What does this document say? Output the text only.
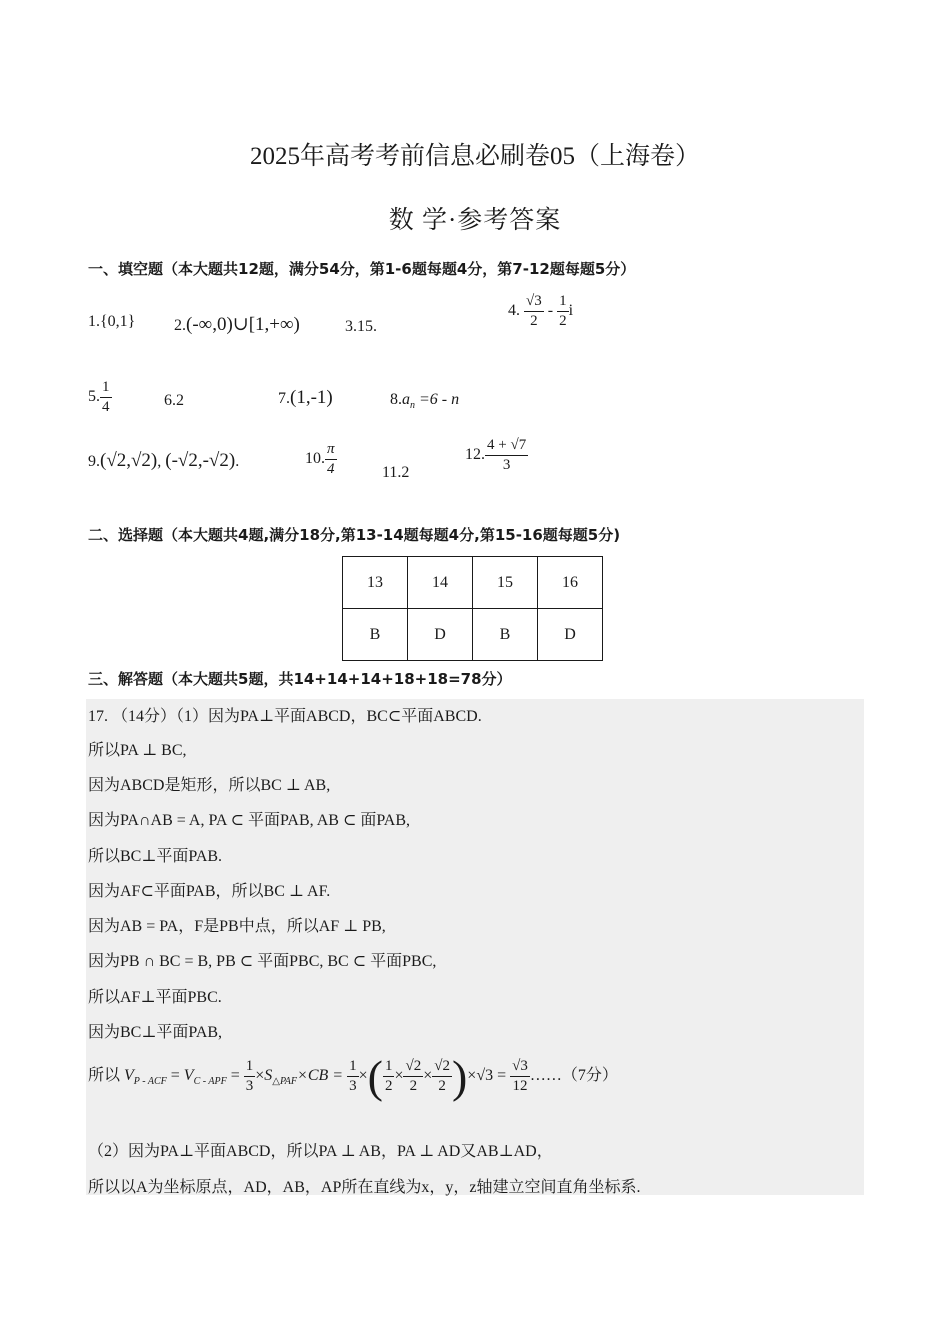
2025年高考考前信息必刷卷05（上海卷）
数 学·参考答案
一、填空题（本大题共12题，满分54分，第1-6题每题4分，第7-12题每题5分）
1.{0,1} 2.(-∞,0)∪[1,+∞)	3.15.
4. $\frac{√3}{2} - \frac{1}{2}$ i
5. $\frac{1}{4}$	6.2	7.(1,-1)	$8.a_n =6 - n$
9.(√2,√2), (-√2,-√2).	10. $\frac{\pi}{4}$	11.2
12. $\frac{4 + √7}{3}$
二、选择题（本大题共4题,满分18分,第13-14题每题4分,第15-16题每题5分)
13	14	15	16
B	D	B	D
三、解答题（本大题共5题，共14+14+14+18+18=78分）
17. （14分）（1）因为PA⊥平面ABCD，BC⊂平面ABCD.
所以PA ⊥ BC,
因为ABCD是矩形，所以BC ⊥ AB,
因为PA∩AB = A, PA ⊂ 平面PAB, AB ⊂ 面PAB,
所以BC⊥平面PAB.
因为AF⊂平面PAB，所以BC ⊥ AF.
因为AB = PA，F是PB中点，所以AF ⊥ PB,
因为PB ∩ BC = B, PB ⊂ 平面PBC, BC ⊂ 平面PBC,
所以AF⊥平面PBC.
因为BC⊥平面PAB,
所以 $V_{P - ACF} = V_{C - APF} = \frac{1}{3} \times S_{\triangle PAF}\times CB = \frac{1}{3}$ ×( $\frac{1}{2} \times \frac{√2}{2} \times \frac{√2}{2} )\times√3 = \frac{√3}{12}$ ……（7分）
（2）因为PA⊥平面ABCD，所以PA ⊥ AB，PA ⊥ AD又AB⊥AD，
所以以A为坐标原点，AD，AB，AP所在直线为x，y，z轴建立空间直角坐标系.
